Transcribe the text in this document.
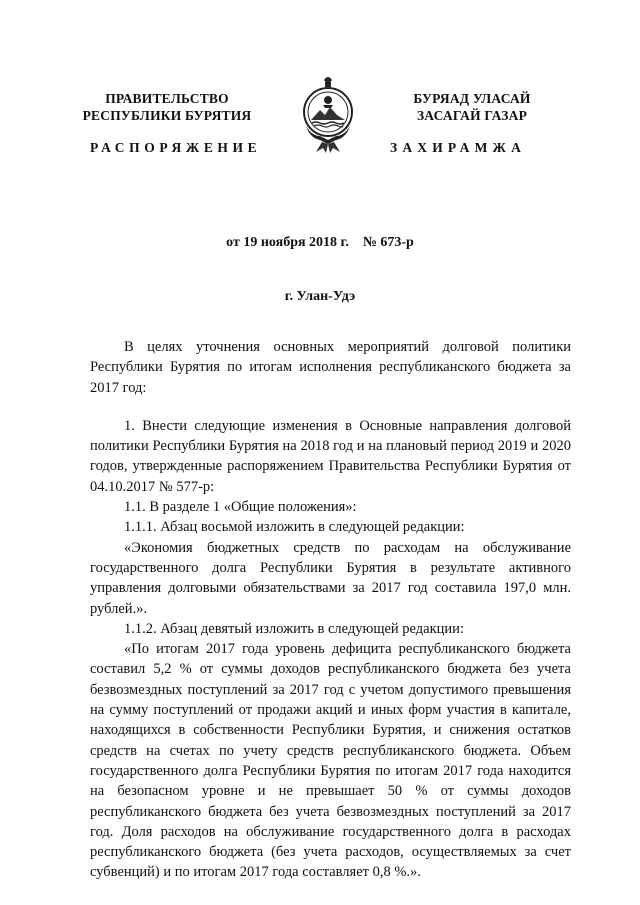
ПРАВИТЕЛЬСТВО
РЕСПУБЛИКИ БУРЯТИЯ
РАСПОРЯЖЕНИЕ
БУРЯАД УЛАСАЙ
ЗАСАГАЙ ГАЗАР
ЗАХИРАМЖА
от 19 ноября 2018 г.    № 673-р
г. Улан-Удэ

В целях уточнения основных мероприятий долговой политики Республики Бурятия по итогам исполнения республиканского бюджета за 2017 год:

1. Внести следующие изменения в Основные направления долговой политики Республики Бурятия на 2018 год и на плановый период 2019 и 2020 годов, утвержденные распоряжением Правительства Республики Бурятия от 04.10.2017 № 577-р:

1.1. В разделе 1 «Общие положения»:

1.1.1. Абзац восьмой изложить в следующей редакции:

«Экономия бюджетных средств по расходам на обслуживание государственного долга Республики Бурятия в результате активного управления долговыми обязательствами за 2017 год составила 197,0 млн. рублей.».

1.1.2. Абзац девятый изложить в следующей редакции:

«По итогам 2017 года уровень дефицита республиканского бюджета составил 5,2 % от суммы доходов республиканского бюджета без учета безвозмездных поступлений за 2017 год с учетом допустимого превышения на сумму поступлений от продажи акций и иных форм участия в капитале, находящихся в собственности Республики Бурятия, и снижения остатков средств на счетах по учету средств республиканского бюджета. Объем государственного долга Республики Бурятия по итогам 2017 года находится на безопасном уровне и не превышает 50 % от суммы доходов республиканского бюджета без учета безвозмездных поступлений за 2017 год. Доля расходов на обслуживание государственного долга в расходах республиканского бюджета (без учета расходов, осуществляемых за счет субвенций) и по итогам 2017 года составляет 0,8 %.».
